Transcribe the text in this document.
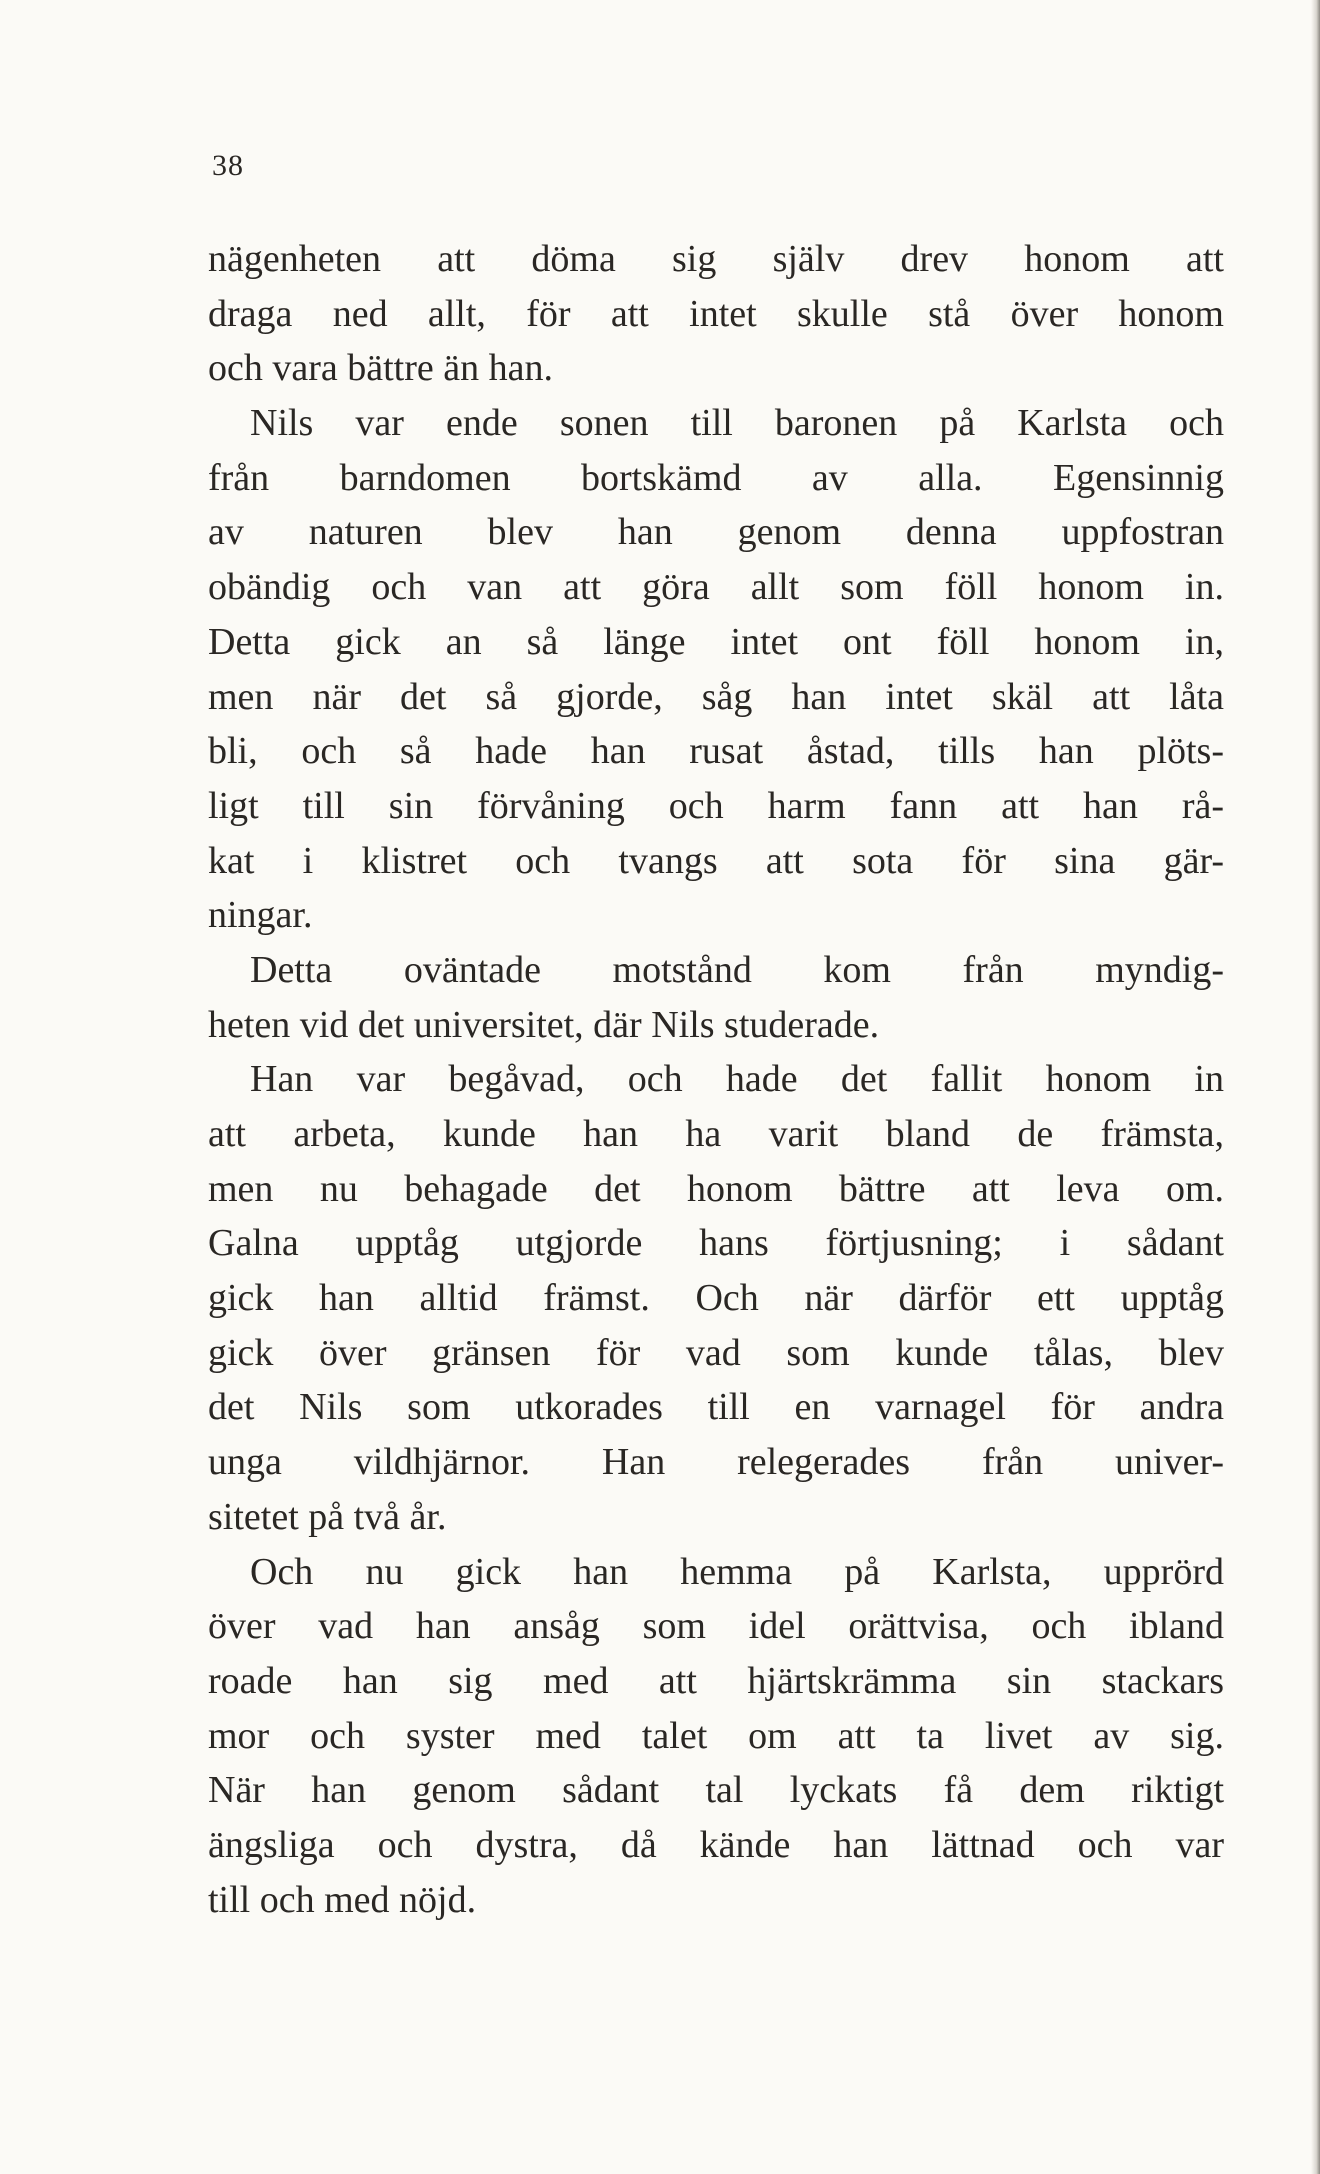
38
nägenheten att döma sig själv drev honom att
draga ned allt, för att intet skulle stå över honom
och vara bättre än han.
Nils var ende sonen till baronen på Karlsta och
från barndomen bortskämd av alla. Egensinnig
av naturen blev han genom denna uppfostran
obändig och van att göra allt som föll honom in.
Detta gick an så länge intet ont föll honom in,
men när det så gjorde, såg han intet skäl att låta
bli, och så hade han rusat åstad, tills han plöts-
ligt till sin förvåning och harm fann att han rå-
kat i klistret och tvangs att sota för sina gär-
ningar.
Detta oväntade motstånd kom från myndig-
heten vid det universitet, där Nils studerade.
Han var begåvad, och hade det fallit honom in
att arbeta, kunde han ha varit bland de främsta,
men nu behagade det honom bättre att leva om.
Galna upptåg utgjorde hans förtjusning; i sådant
gick han alltid främst. Och när därför ett upptåg
gick över gränsen för vad som kunde tålas, blev
det Nils som utkorades till en varnagel för andra
unga vildhjärnor. Han relegerades från univer-
sitetet på två år.
Och nu gick han hemma på Karlsta, upprörd
över vad han ansåg som idel orättvisa, och ibland
roade han sig med att hjärtskrämma sin stackars
mor och syster med talet om att ta livet av sig.
När han genom sådant tal lyckats få dem riktigt
ängsliga och dystra, då kände han lättnad och var
till och med nöjd.
